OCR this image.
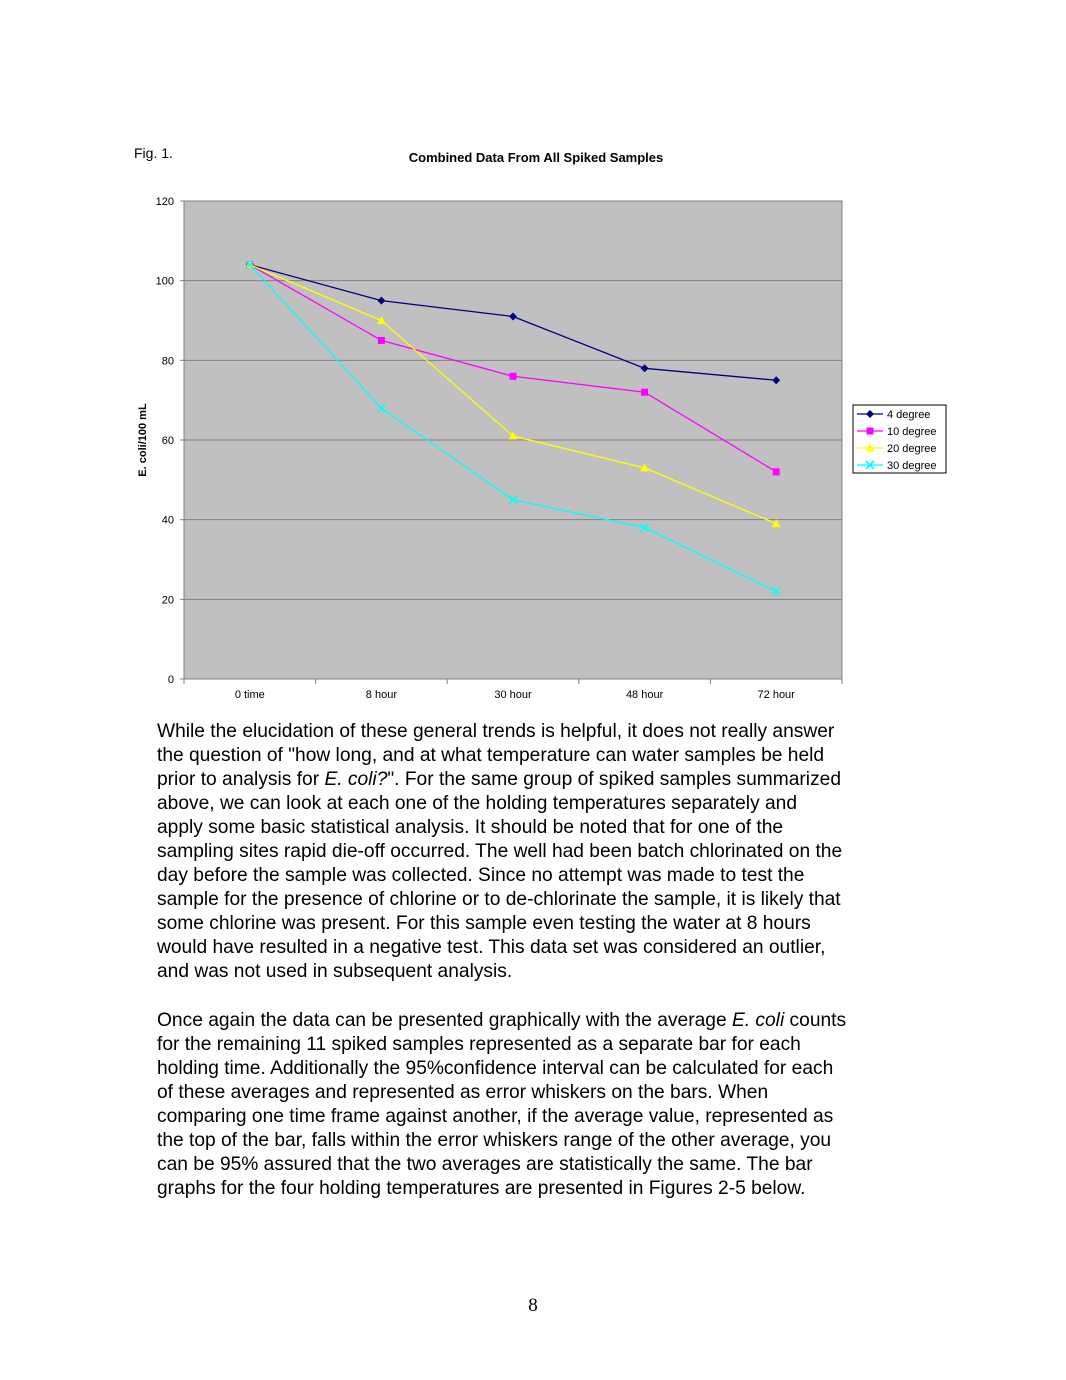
Fig. 1.	Combined Data From All Spiked Samples
0
20
40
60
80
100
120
0 time	8 hour	30 hour	48 hour	72 hour
E. coli/100 mL	4 degree
10 degree
20 degree
30 degree

While the elucidation of these general trends is helpful, it does not really answer
the question of "how long, and at what temperature can water samples be held
prior to analysis for E. coli?". For the same group of spiked samples summarized
above, we can look at each one of the holding temperatures separately and
apply some basic statistical analysis. It should be noted that for one of the
sampling sites rapid die-off occurred. The well had been batch chlorinated on the
day before the sample was collected. Since no attempt was made to test the
sample for the presence of chlorine or to de-chlorinate the sample, it is likely that
some chlorine was present. For this sample even testing the water at 8 hours
would have resulted in a negative test. This data set was considered an outlier,
and was not used in subsequent analysis.

Once again the data can be presented graphically with the average E. coli counts
for the remaining 11 spiked samples represented as a separate bar for each
holding time. Additionally the 95%confidence interval can be calculated for each
of these averages and represented as error whiskers on the bars. When
comparing one time frame against another, if the average value, represented as
the top of the bar, falls within the error whiskers range of the other average, you
can be 95% assured that the two averages are statistically the same. The bar
graphs for the four holding temperatures are presented in Figures 2-5 below.

8
